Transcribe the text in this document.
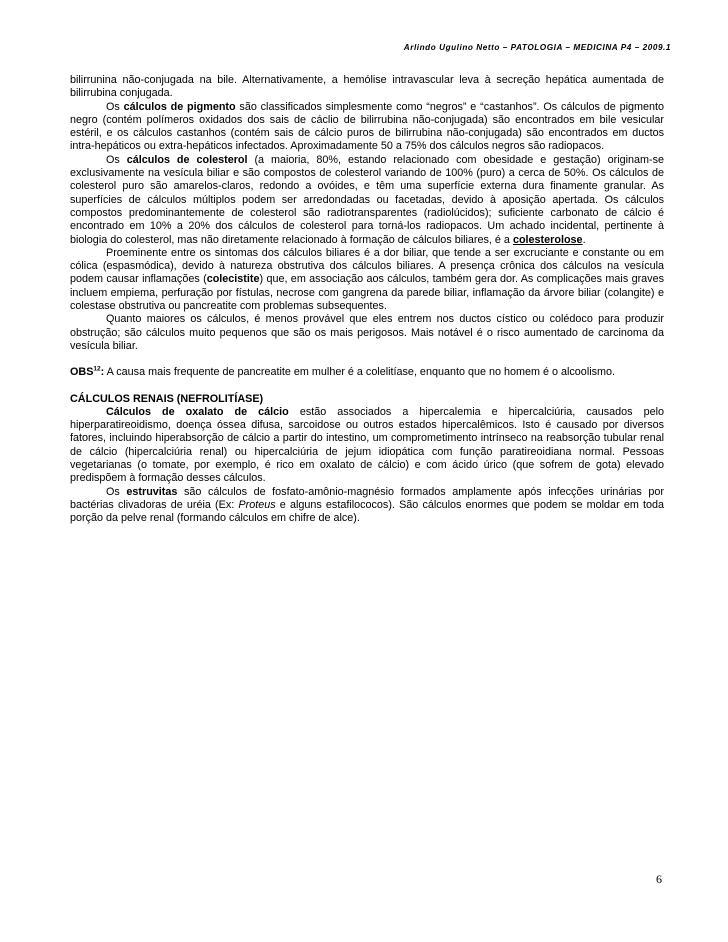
Arlindo Ugulino Netto – PATOLOGIA – MEDICINA P4 – 2009.1

bilirrunina não-conjugada na bile. Alternativamente, a hemólise intravascular leva à secreção hepática aumentada de bilirrubina conjugada.

Os cálculos de pigmento são classificados simplesmente como “negros” e “castanhos”. Os cálculos de pigmento negro (contém polímeros oxidados dos sais de cáclio de bilirrubina não-conjugada) são encontrados em bile vesicular estéril, e os cálculos castanhos (contém sais de cálcio puros de bilirrubina não-conjugada) são encontrados em ductos intra-hepáticos ou extra-hepáticos infectados. Aproximadamente 50 a 75% dos cálculos negros são radiopacos.

Os cálculos de colesterol (a maioria, 80%, estando relacionado com obesidade e gestação) originam-se exclusivamente na vesícula biliar e são compostos de colesterol variando de 100% (puro) a cerca de 50%. Os cálculos de colesterol puro são amarelos-claros, redondo a ovóides, e têm uma superfície externa dura finamente granular. As superfícies de cálculos múltiplos podem ser arredondadas ou facetadas, devido à aposição apertada. Os cálculos compostos predominantemente de colesterol são radiotransparentes (radiolúcidos); suficiente carbonato de cálcio é encontrado em 10% a 20% dos cálculos de colesterol para torná-los radiopacos. Um achado incidental, pertinente à biologia do colesterol, mas não diretamente relacionado à formação de cálculos biliares, é a colesterolose.

Proeminente entre os sintomas dos cálculos biliares é a dor biliar, que tende a ser excruciante e constante ou em cólica (espasmódica), devido à natureza obstrutiva dos cálculos biliares. A presença crônica dos cálculos na vesícula podem causar inflamações (colecistite) que, em associação aos cálculos, também gera dor. As complicações mais graves incluem empiema, perfuração por fístulas, necrose com gangrena da parede biliar, inflamação da árvore biliar (colangite) e colestase obstrutiva ou pancreatite com problemas subsequentes.

Quanto maiores os cálculos, é menos provável que eles entrem nos ductos cístico ou colédoco para produzir obstrução; são cálculos muito pequenos que são os mais perigosos. Mais notável é o risco aumentado de carcinoma da vesícula biliar.

OBS$^{12}$: A causa mais frequente de pancreatite em mulher é a colelitíase, enquanto que no homem é o alcoolismo.

CÁLCULOS RENAIS (NEFROLITÍASE)

Cálculos de oxalato de cálcio estão associados a hipercalemia e hipercalciúria, causados pelo hiperparatireoidismo, doença óssea difusa, sarcoidose ou outros estados hipercalêmicos. Isto é causado por diversos fatores, incluindo hiperabsorção de cálcio a partir do intestino, um comprometimento intrínseco na reabsorção tubular renal de cálcio (hipercalciúria renal) ou hipercalciúria de jejum idiopática com função paratireoidiana normal. Pessoas vegetarianas (o tomate, por exemplo, é rico em oxalato de cálcio) e com ácido úrico (que sofrem de gota) elevado predispõem à formação desses cálculos.

Os estruvitas são cálculos de fosfato-amônio-magnésio formados amplamente após infecções urinárias por bactérias clivadoras de uréia (Ex: Proteus e alguns estafilococos). São cálculos enormes que podem se moldar em toda porção da pelve renal (formando cálculos em chifre de alce).

6
